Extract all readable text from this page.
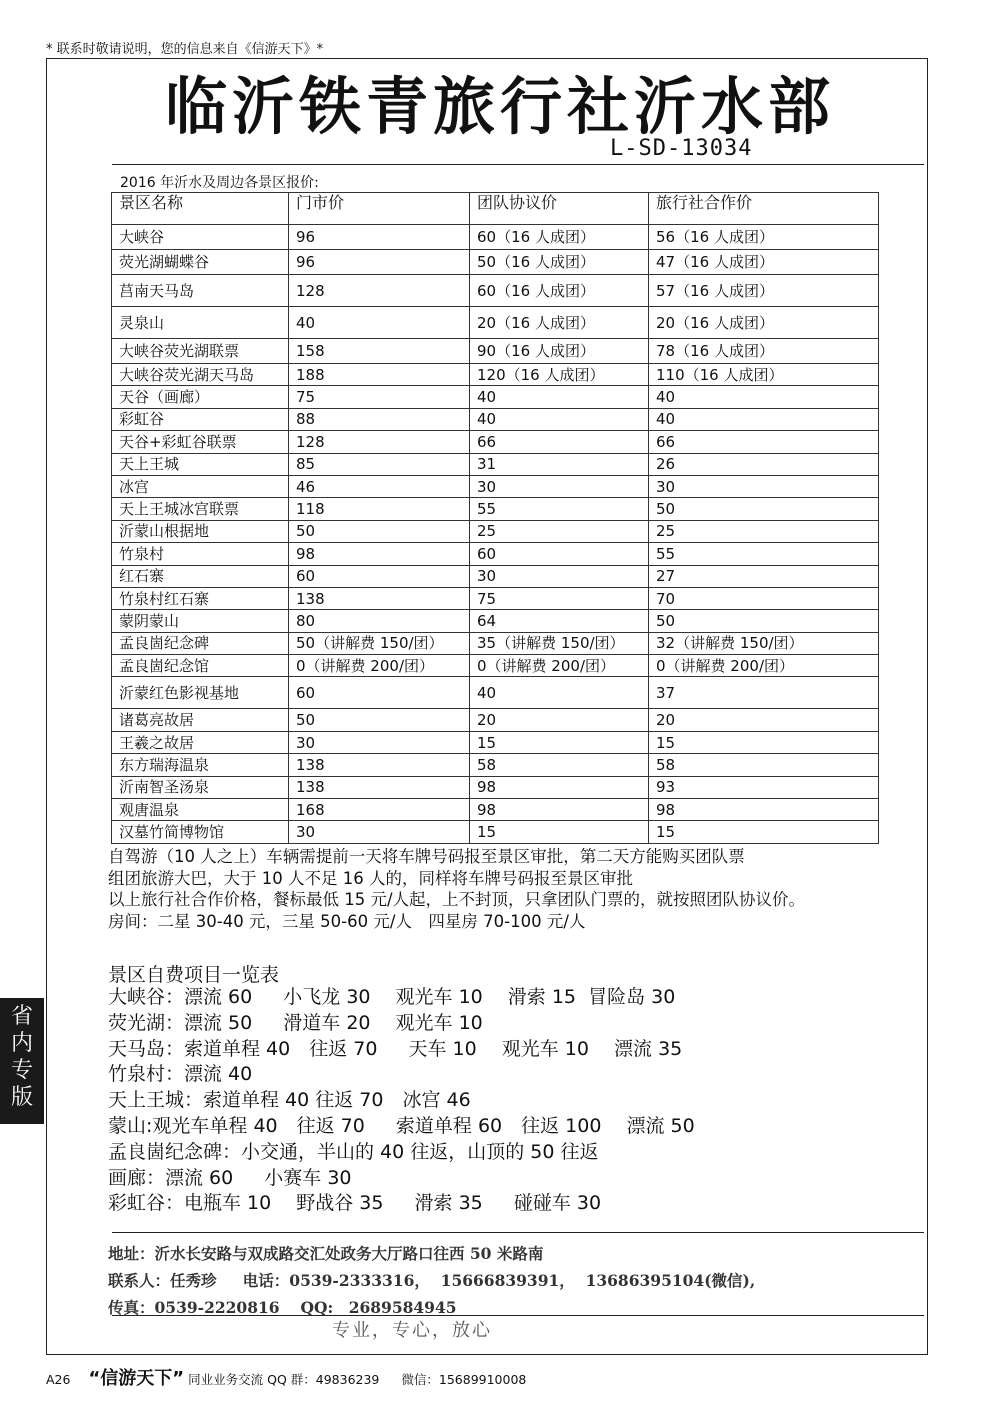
* 联系时敬请说明，您的信息来自《信游天下》*
临沂铁青旅行社沂水部
L-SD-13034
2016 年沂水及周边各景区报价:
景区名称	门市价	团队协议价	旅行社合作价
大峡谷	96	60（16 人成团）	56（16 人成团）
荧光湖蝴蝶谷	96	50（16 人成团）	47（16 人成团）
莒南天马岛	128	60（16 人成团）	57（16 人成团）
灵泉山	40	20（16 人成团）	20（16 人成团）
大峡谷荧光湖联票	158	90（16 人成团）	78（16 人成团）
大峡谷荧光湖天马岛	188	120（16 人成团）	110（16 人成团）
天谷（画廊）	75	40	40
彩虹谷	88	40	40
天谷+彩虹谷联票	128	66	66
天上王城	85	31	26
冰宫	46	30	30
天上王城冰宫联票	118	55	50
沂蒙山根据地	50	25	25
竹泉村	98	60	55
红石寨	60	30	27
竹泉村红石寨	138	75	70
蒙阴蒙山	80	64	50
孟良崮纪念碑	50（讲解费 150/团）	35（讲解费 150/团）	32（讲解费 150/团）
孟良崮纪念馆	0（讲解费 200/团）	0（讲解费 200/团）	0（讲解费 200/团）
沂蒙红色影视基地	60	40	37
诸葛亮故居	50	20	20
王羲之故居	30	15	15
东方瑞海温泉	138	58	58
沂南智圣汤泉	138	98	93
观唐温泉	168	98	98
汉墓竹简博物馆	30	15	15

自驾游（10 人之上）车辆需提前一天将车牌号码报至景区审批，第二天方能购买团队票

组团旅游大巴，大于 10 人不足 16 人的，同样将车牌号码报至景区审批

以上旅行社合作价格，餐标最低 15 元/人起，上不封顶，只拿团队门票的，就按照团队协议价。

房间：二星 30-40 元，三星 50-60 元/人　四星房 70-100 元/人

景区自费项目一览表
大峡谷：漂流 60　  小飞龙 30　 观光车 10　 滑索 15  冒险岛 30
荧光湖：漂流 50　  滑道车 20　 观光车 10
天马岛：索道单程 40　往返 70　  天车 10　 观光车 10　 漂流 35
竹泉村：漂流 40
天上王城：索道单程 40 往返 70　冰宫 46
蒙山:观光车单程 40　往返 70　  索道单程 60　往返 100　 漂流 50
孟良崮纪念碑：小交通，半山的 40 往返，山顶的 50 往返
画廊：漂流 60　  小赛车 30
彩虹谷：电瓶车 10　 野战谷 35　  滑索 35　  碰碰车 30
地址：沂水长安路与双成路交汇处政务大厅路口往西 50 米路南
联系人：任秀珍　  电话：0539-2333316，  15666839391，  13686395104(微信),
传真：0539-2220816　 QQ:　2689584945
专业，专心，放心
省
内
专
版
A26 “信游天下” 同业业务交流 QQ 群：49836239 微信：15689910008
